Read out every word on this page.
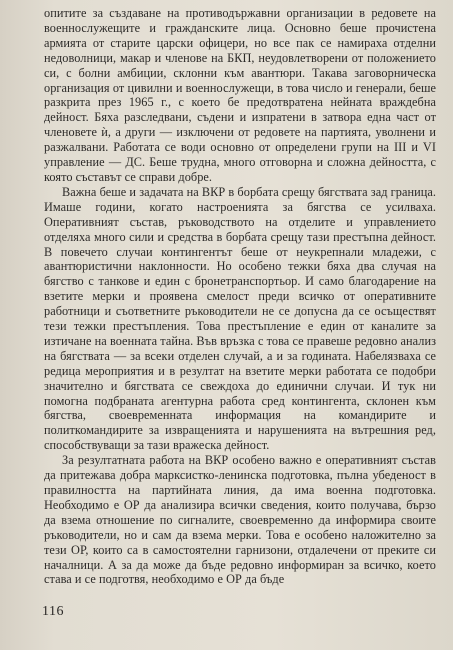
опитите за създаване на противодържавни организации в редовете на военнослужещите и гражданските лица. Основно беше прочистена армията от старите царски офицери, но все пак се намираха отделни недоволници, макар и членове на БКП, неудовлетворени от положението си, с болни амбиции, склонни към авантюри. Такава заговорническа организация от цивилни и военнослужещи, в това число и генерали, беше разкрита през 1965 г., с което бе предотвратена нейната враждебна дейност. Бяха разследвани, съдени и изпратени в затвора една част от членовете ѝ, а други — изключени от редовете на партията, уволнени и разжалвани. Работата се води основно от определени групи на III и VI управление — ДС. Беше трудна, много отговорна и сложна дейността, с която съставът се справи добре.

Важна беше и задачата на ВКР в борбата срещу бягствата зад граница. Имаше години, когато настроенията за бягства се усилваха. Оперативният състав, ръководството на отделите и управлението отделяха много сили и средства в борбата срещу тази престъпна дейност. В повечето случаи контингентът беше от неукрепнали младежи, с авантюристични наклонности. Но особено тежки бяха два случая на бягство с танкове и един с бронетранспортьор. И само благодарение на взетите мерки и проявена смелост преди всичко от оперативните работници и съответните ръководители не се допусна да се осъществят тези тежки престъпления. Това престъпление е един от каналите за изтичане на военната тайна. Във връзка с това се правеше редовно анализ на бягствата — за всеки отделен случай, а и за годината. Набелязваха се редица мероприятия и в резултат на взетите мерки работата се подобри значително и бягствата се свеждоха до единични случаи. И тук ни помогна подбраната агентурна работа сред контингента, склонен към бягства, своевременната информация на командирите и политкомандирите за извращенията и нарушенията на вътрешния ред, способствуващи за тази вражеска дейност.

За резултатната работа на ВКР особено важно е оперативният състав да притежава добра марксистко-ленинска подготовка, пълна убеденост в правилността на партийната линия, да има военна подготовка. Необходимо е ОР да анализира всички сведения, които получава, бързо да взема отношение по сигналите, своевременно да информира своите ръководители, но и сам да взема мерки. Това е особено наложително за тези ОР, които са в самостоятелни гарнизони, отдалечени от прекитe си началници. А за да може да бъде редовно информиран за всичко, което става и се подготвя, необходимо е ОР да бъде

116
